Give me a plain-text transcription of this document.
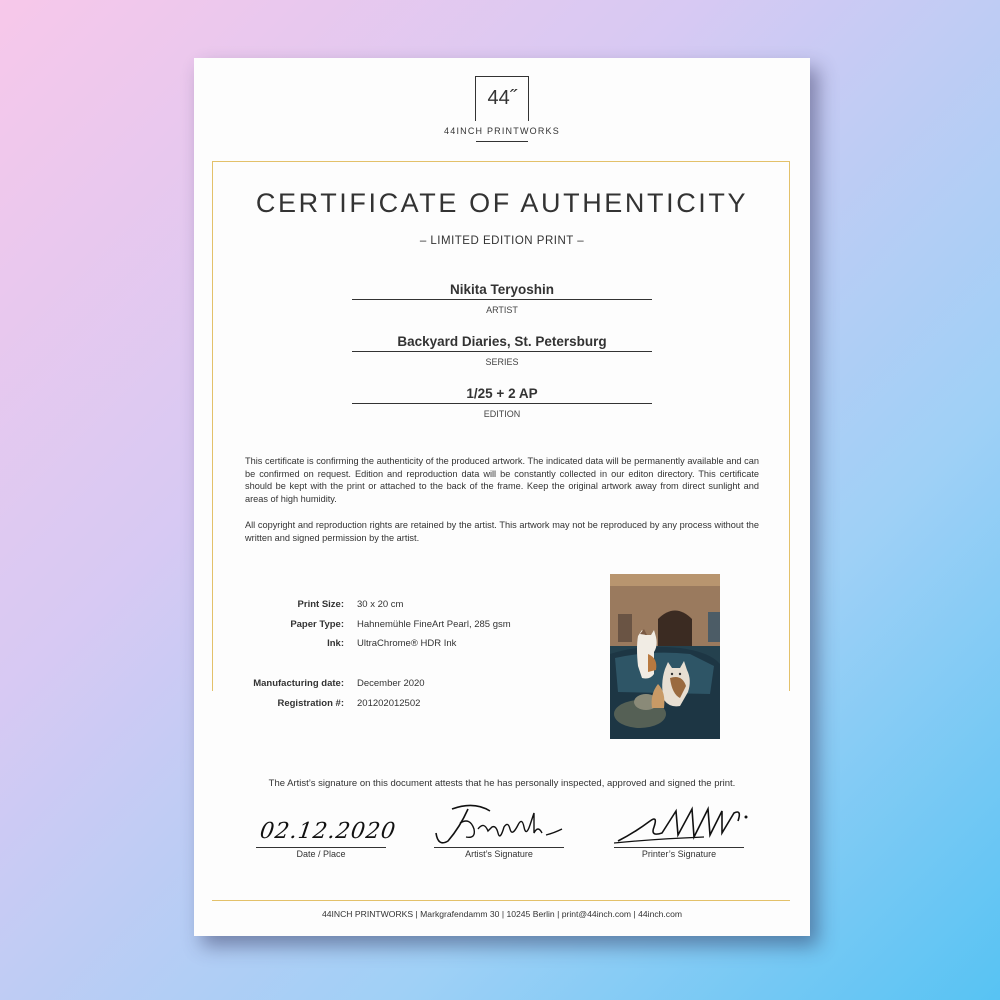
44˝
44INCH PRINTWORKS
CERTIFICATE OF AUTHENTICITY
– LIMITED EDITION PRINT –
Nikita Teryoshin
ARTIST
Backyard Diaries, St. Petersburg
SERIES
1/25 + 2 AP
EDITION
This certificate is confirming the authenticity of the produced artwork. The indicated data will be permanently available and can be confirmed on request. Edition and reproduction data will be constantly collected in our editon directory. This certificate should be kept with the print or attached to the back of the frame. Keep the original artwork away from direct sunlight and areas of high humidity.
All copyright and reproduction rights are retained by the artist. This artwork may not be reproduced by any process without the written and signed permission by the artist.
Print Size: 30 x 20 cm
Paper Type: Hahnemühle FineArt Pearl, 285 gsm
Ink: UltraChrome® HDR Ink
Manufacturing date: December 2020
Registration #: 201202012502
The Artist’s signature on this document attests that he has personally inspected, approved and signed the print.
02.12.2020
Date / Place	Artist’s Signature	Printer’s Signature
44INCH PRINTWORKS | Markgrafendamm 30 | 10245 Berlin | print@44inch.com | 44inch.com
